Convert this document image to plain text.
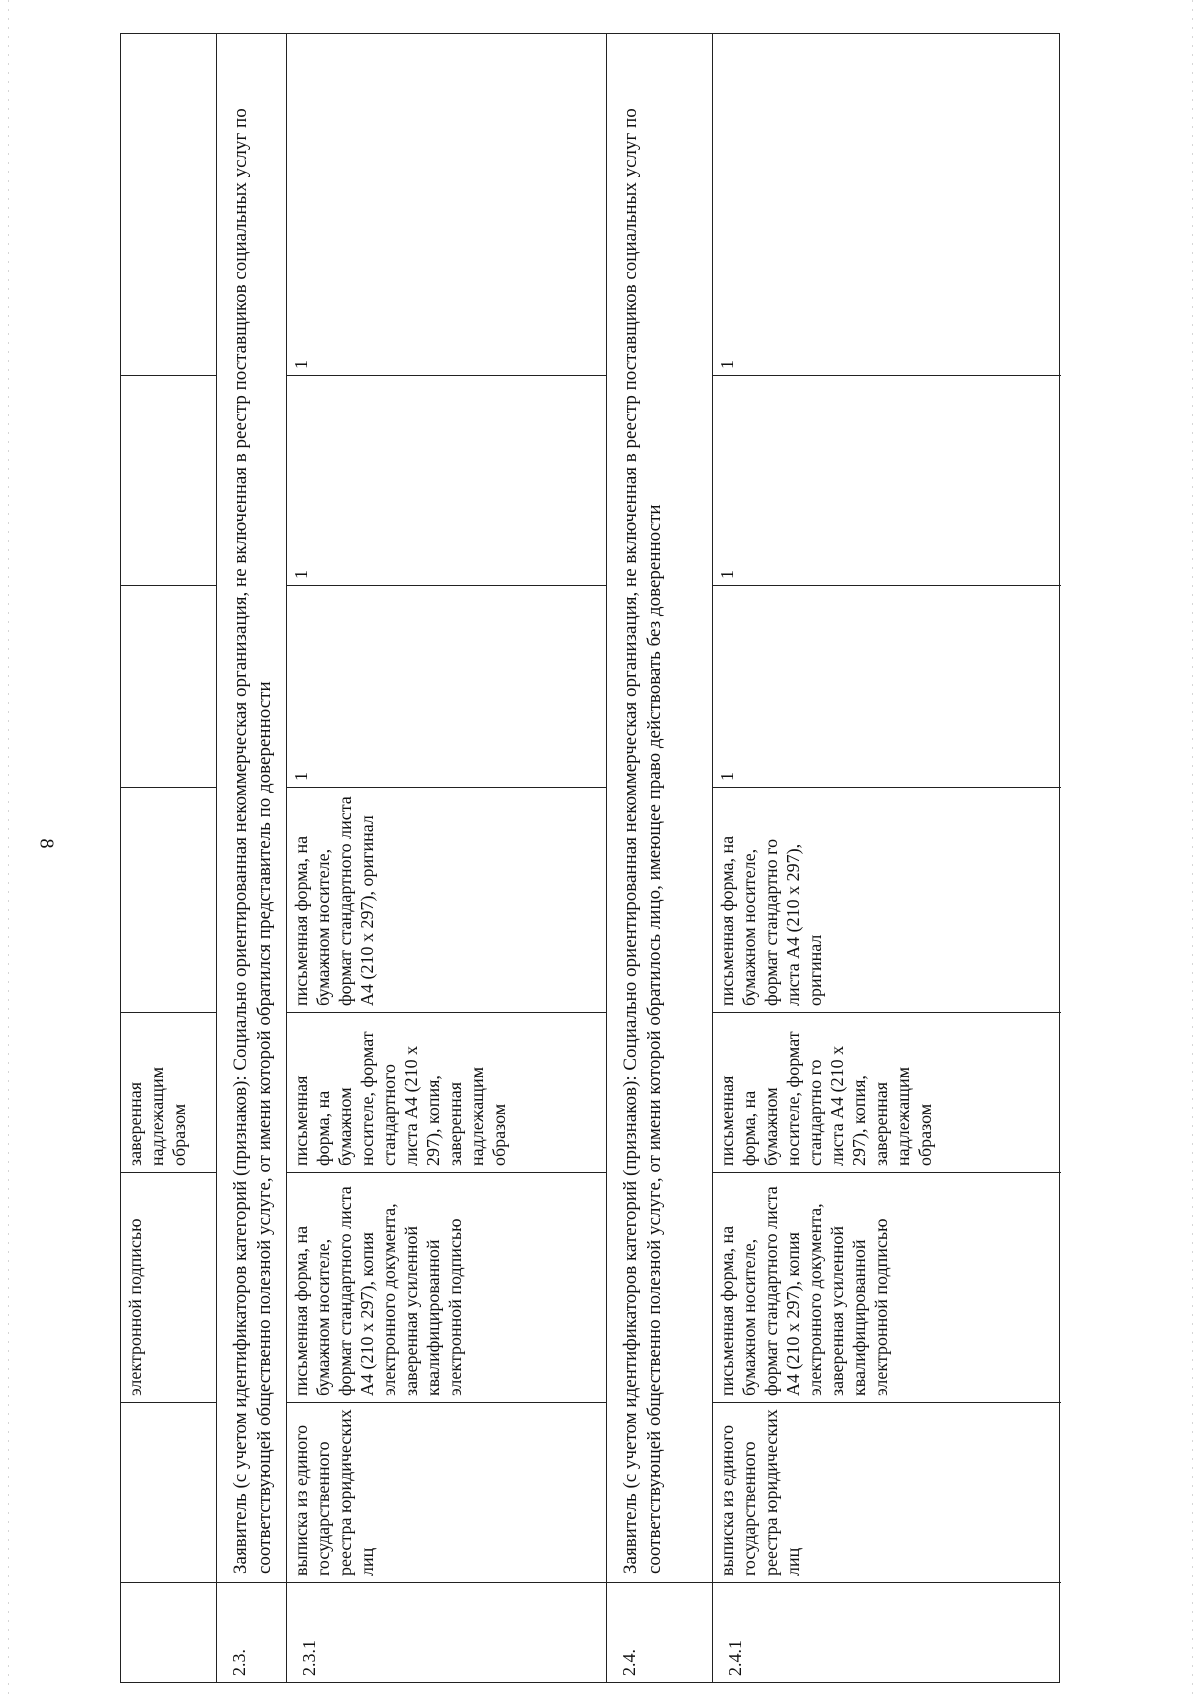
8
электронной подписью
заверенная надлежащим образом
2.3.
Заявитель (с учетом идентификаторов категорий (признаков): Социально ориентированная некоммерческая организация, не включенная в реестр поставщиков социальных услуг по соответствующей общественно полезной услуге, от имени которой обратился представитель по доверенности
2.3.1
выписка из единого государственного реестра юридических лиц
письменная форма, на бумажном носителе, формат стандартного листа А4 (210 х 297), копия электронного документа, заверенная усиленной квалифицированной электронной подписью
письменная форма, на бумажном носителе, формат стандартного листа А4 (210 х 297), копия, заверенная надлежащим образом
письменная форма, на бумажном носителе, формат стандартного листа А4 (210 х 297), оригинал
1
1
1
2.4.
Заявитель (с учетом идентификаторов категорий (признаков): Социально ориентированная некоммерческая организация, не включенная в реестр поставщиков социальных услуг по соответствующей общественно полезной услуге, от имени которой обратилось лицо, имеющее право действовать без доверенности
2.4.1
выписка из единого государственного реестра юридических лиц
письменная форма, на бумажном носителе, формат стандартного листа А4 (210 х 297), копия электронного документа, заверенная усиленной квалифицированной электронной подписью
письменная форма, на бумажном носителе, формат стандартно го листа А4 (210 х 297), копия, заверенная надлежащим образом
письменная форма, на бумажном носителе, формат стандартно го листа А4 (210 х 297), оригинал
1
1
1
